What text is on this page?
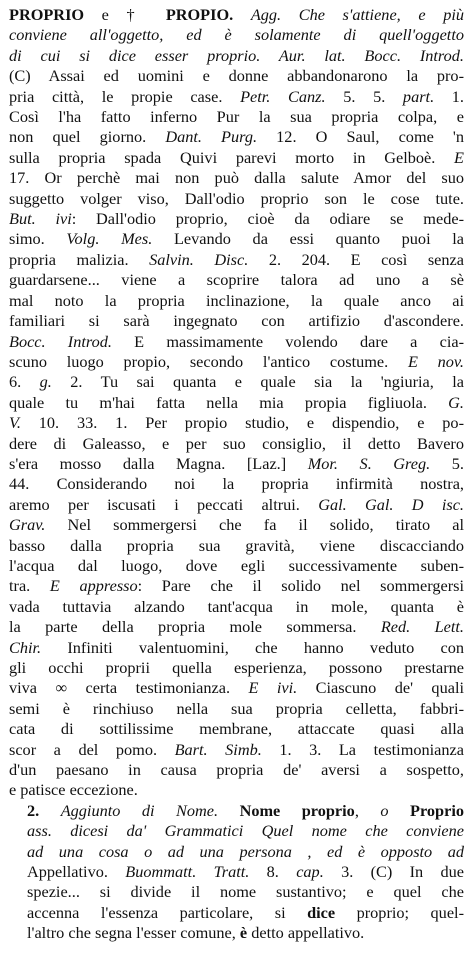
PROPRIO e † PROPIO. Agg. Che s'attiene, e più
conviene all'oggetto, ed è solamente di quell'oggetto
di cui si dice esser proprio. Aur. lat. Bocc. Introd.
(C) Assai ed uomini e donne abbandonarono la pro-
pria città, le propie case. Petr. Canz. 5. 5. part. 1.
Così l'ha fatto inferno Pur la sua propria colpa, e
non quel giorno. Dant. Purg. 12. O Saul, come 'n
sulla propria spada Quivi parevi morto in Gelboè. E
17. Or perchè mai non può dalla salute Amor del suo
suggetto volger viso, Dall'odio proprio son le cose tute.
But. ivi: Dall'odio proprio, cioè da odiare se mede-
simo. Volg. Mes. Levando da essi quanto puoi la
propria malizia. Salvin. Disc. 2. 204. E così senza
guardarsene... viene a scoprire talora ad uno a sè
mal noto la propria inclinazione, la quale anco ai
familiari si sarà ingegnato con artifizio d'ascondere.
Bocc. Introd. E massimamente volendo dare a cia-
scuno luogo propio, secondo l'antico costume. E nov.
6. g. 2. Tu sai quanta e quale sia la 'ngiuria, la
quale tu m'hai fatta nella mia propia figliuola. G.
V. 10. 33. 1. Per propio studio, e dispendio, e po-
dere di Galeasso, e per suo consiglio, il detto Bavero
s'era mosso dalla Magna. [Laz.] Mor. S. Greg. 5.
44. Considerando noi la propria infirmità nostra,
aremo per iscusati i peccati altrui. Gal. Gal. D isc.
Grav. Nel sommergersi che fa il solido, tirato al
basso dalla propria sua gravità, viene discacciando
l'acqua dal luogo, dove egli successivamente suben-
tra. E appresso: Pare che il solido nel sommergersi
vada tuttavia alzando tant'acqua in mole, quanta è
la parte della propria mole sommersa. Red. Lett.
Chir. Infiniti valentuomini, che hanno veduto con
gli occhi proprii quella esperienza, possono prestarne
viva ∞ certa testimonianza. E ivi. Ciascuno de' quali
semi è rinchiuso nella sua propria celletta, fabbri-
cata di sottilissime membrane, attaccate quasi alla
scor a del pomo. Bart. Simb. 1. 3. La testimonianza
d'un paesano in causa propria de' aversi a sospetto,
e patisce eccezione.
2. Aggiunto di Nome. Nome proprio, o Proprio
ass. dicesi da' Grammatici Quel nome che conviene
ad una cosa o ad una persona , ed è opposto ad
Appellativo. Buommatt. Tratt. 8. cap. 3. (C) In due
spezie... si divide il nome sustantivo; e quel che
accenna l'essenza particolare, si dice proprio; quel-
l'altro che segna l'esser comune, è detto appellativo.
